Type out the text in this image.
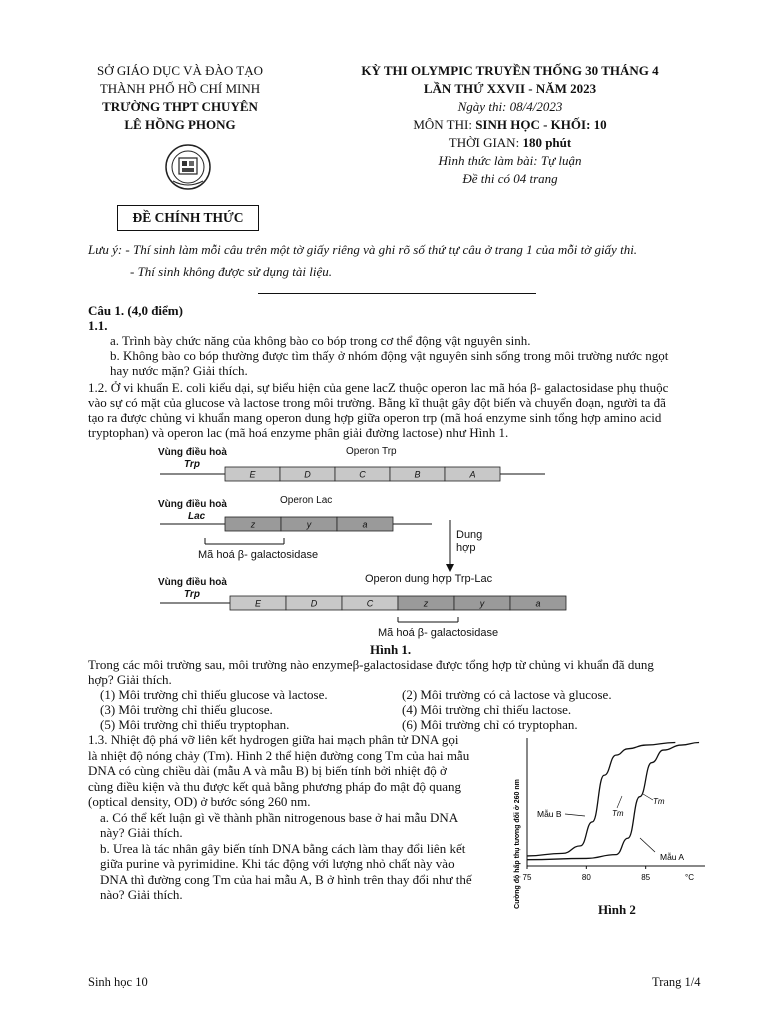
SỞ GIÁO DỤC VÀ ĐÀO TẠO
THÀNH PHỐ HỒ CHÍ MINH
TRƯỜNG THPT CHUYÊN
LÊ HỒNG PHONG
ĐỀ CHÍNH THỨC
KỲ THI OLYMPIC TRUYỀN THỐNG 30 THÁNG 4
LẦN THỨ XXVII - NĂM 2023
Ngày thi: 08/4/2023
MÔN THI: SINH HỌC - KHỐI: 10
THỜI GIAN: 180 phút
Hình thức làm bài: Tự luận
Đề thi có 04 trang
Lưu ý: - Thí sinh làm mỗi câu trên một tờ giấy riêng và ghi rõ số thứ tự câu ở trang 1 của mỗi tờ giấy thi.
- Thí sinh không được sử dụng tài liệu.
Câu 1. (4,0 điểm)
1.1.
a. Trình bày chức năng của không bào co bóp trong cơ thể động vật nguyên sinh.
b. Không bào co bóp thường được tìm thấy ở nhóm động vật nguyên sinh sống trong môi trường nước ngọt
hay nước mặn? Giải thích.
1.2. Ở vi khuẩn E. coli kiểu dại, sự biểu hiện của gene lacZ thuộc operon lac mã hóa β- galactosidase phụ thuộc
vào sự có mặt của glucose và lactose trong môi trường. Bằng kĩ thuật gây đột biến và chuyển đoạn, người ta đã
tạo ra được chủng vi khuẩn mang operon dung hợp giữa operon trp (mã hoá enzyme sinh tổng hợp amino acid
tryptophan) và operon lac (mã hoá enzyme phân giải đường lactose) như Hình 1.
Vùng điều hoà
Trp
Operon Trp
E	D	C	B	A
Vùng điều hoà
Lac
Operon Lac
z	y	a
Mã hoá β- galactosidase
Dung
hợp
Vùng điều hoà
Trp
Operon dung hợp Trp-Lac
E	D	C	z	y	a
Mã hoá β- galactosidase
Hình 1.
Trong các môi trường sau, môi trường nào enzymeβ-galactosidase được tổng hợp từ chủng vi khuẩn đã dung
hợp? Giải thích.
(1) Môi trường chỉ thiếu glucose và lactose.	(2) Môi trường có cả lactose và glucose.
(3) Môi trường chỉ thiếu glucose.	(4) Môi trường chỉ thiếu lactose.
(5) Môi trường chỉ thiếu tryptophan.	(6) Môi trường chỉ có tryptophan.
1.3. Nhiệt độ phá vỡ liên kết hydrogen giữa hai mạch phân tử DNA gọi
là nhiệt độ nóng chảy (Tm). Hình 2 thể hiện đường cong Tm của hai mẫu
DNA có cùng chiều dài (mẫu A và mẫu B) bị biến tính bởi nhiệt độ ở
cùng điều kiện và thu được kết quả bằng phương pháp đo mật độ quang
(optical density, OD) ở bước sóng 260 nm.
a. Có thể kết luận gì về thành phần nitrogenous base ở hai mẫu DNA
này? Giải thích.
b. Urea là tác nhân gây biến tính DNA bằng cách làm thay đổi liên kết
giữa purine và pyrimidine. Khi tác động với lượng nhỏ chất này vào
DNA thì đường cong Tm của hai mẫu A, B ở hình trên thay đổi như thế
nào? Giải thích.	Cường độ hấp thụ tương đối ở 260 nm 75	80	85	°C
Mẫu B
Mẫu A
Tm
Tm
Hình 2
Sinh học 10	Trang 1/4
